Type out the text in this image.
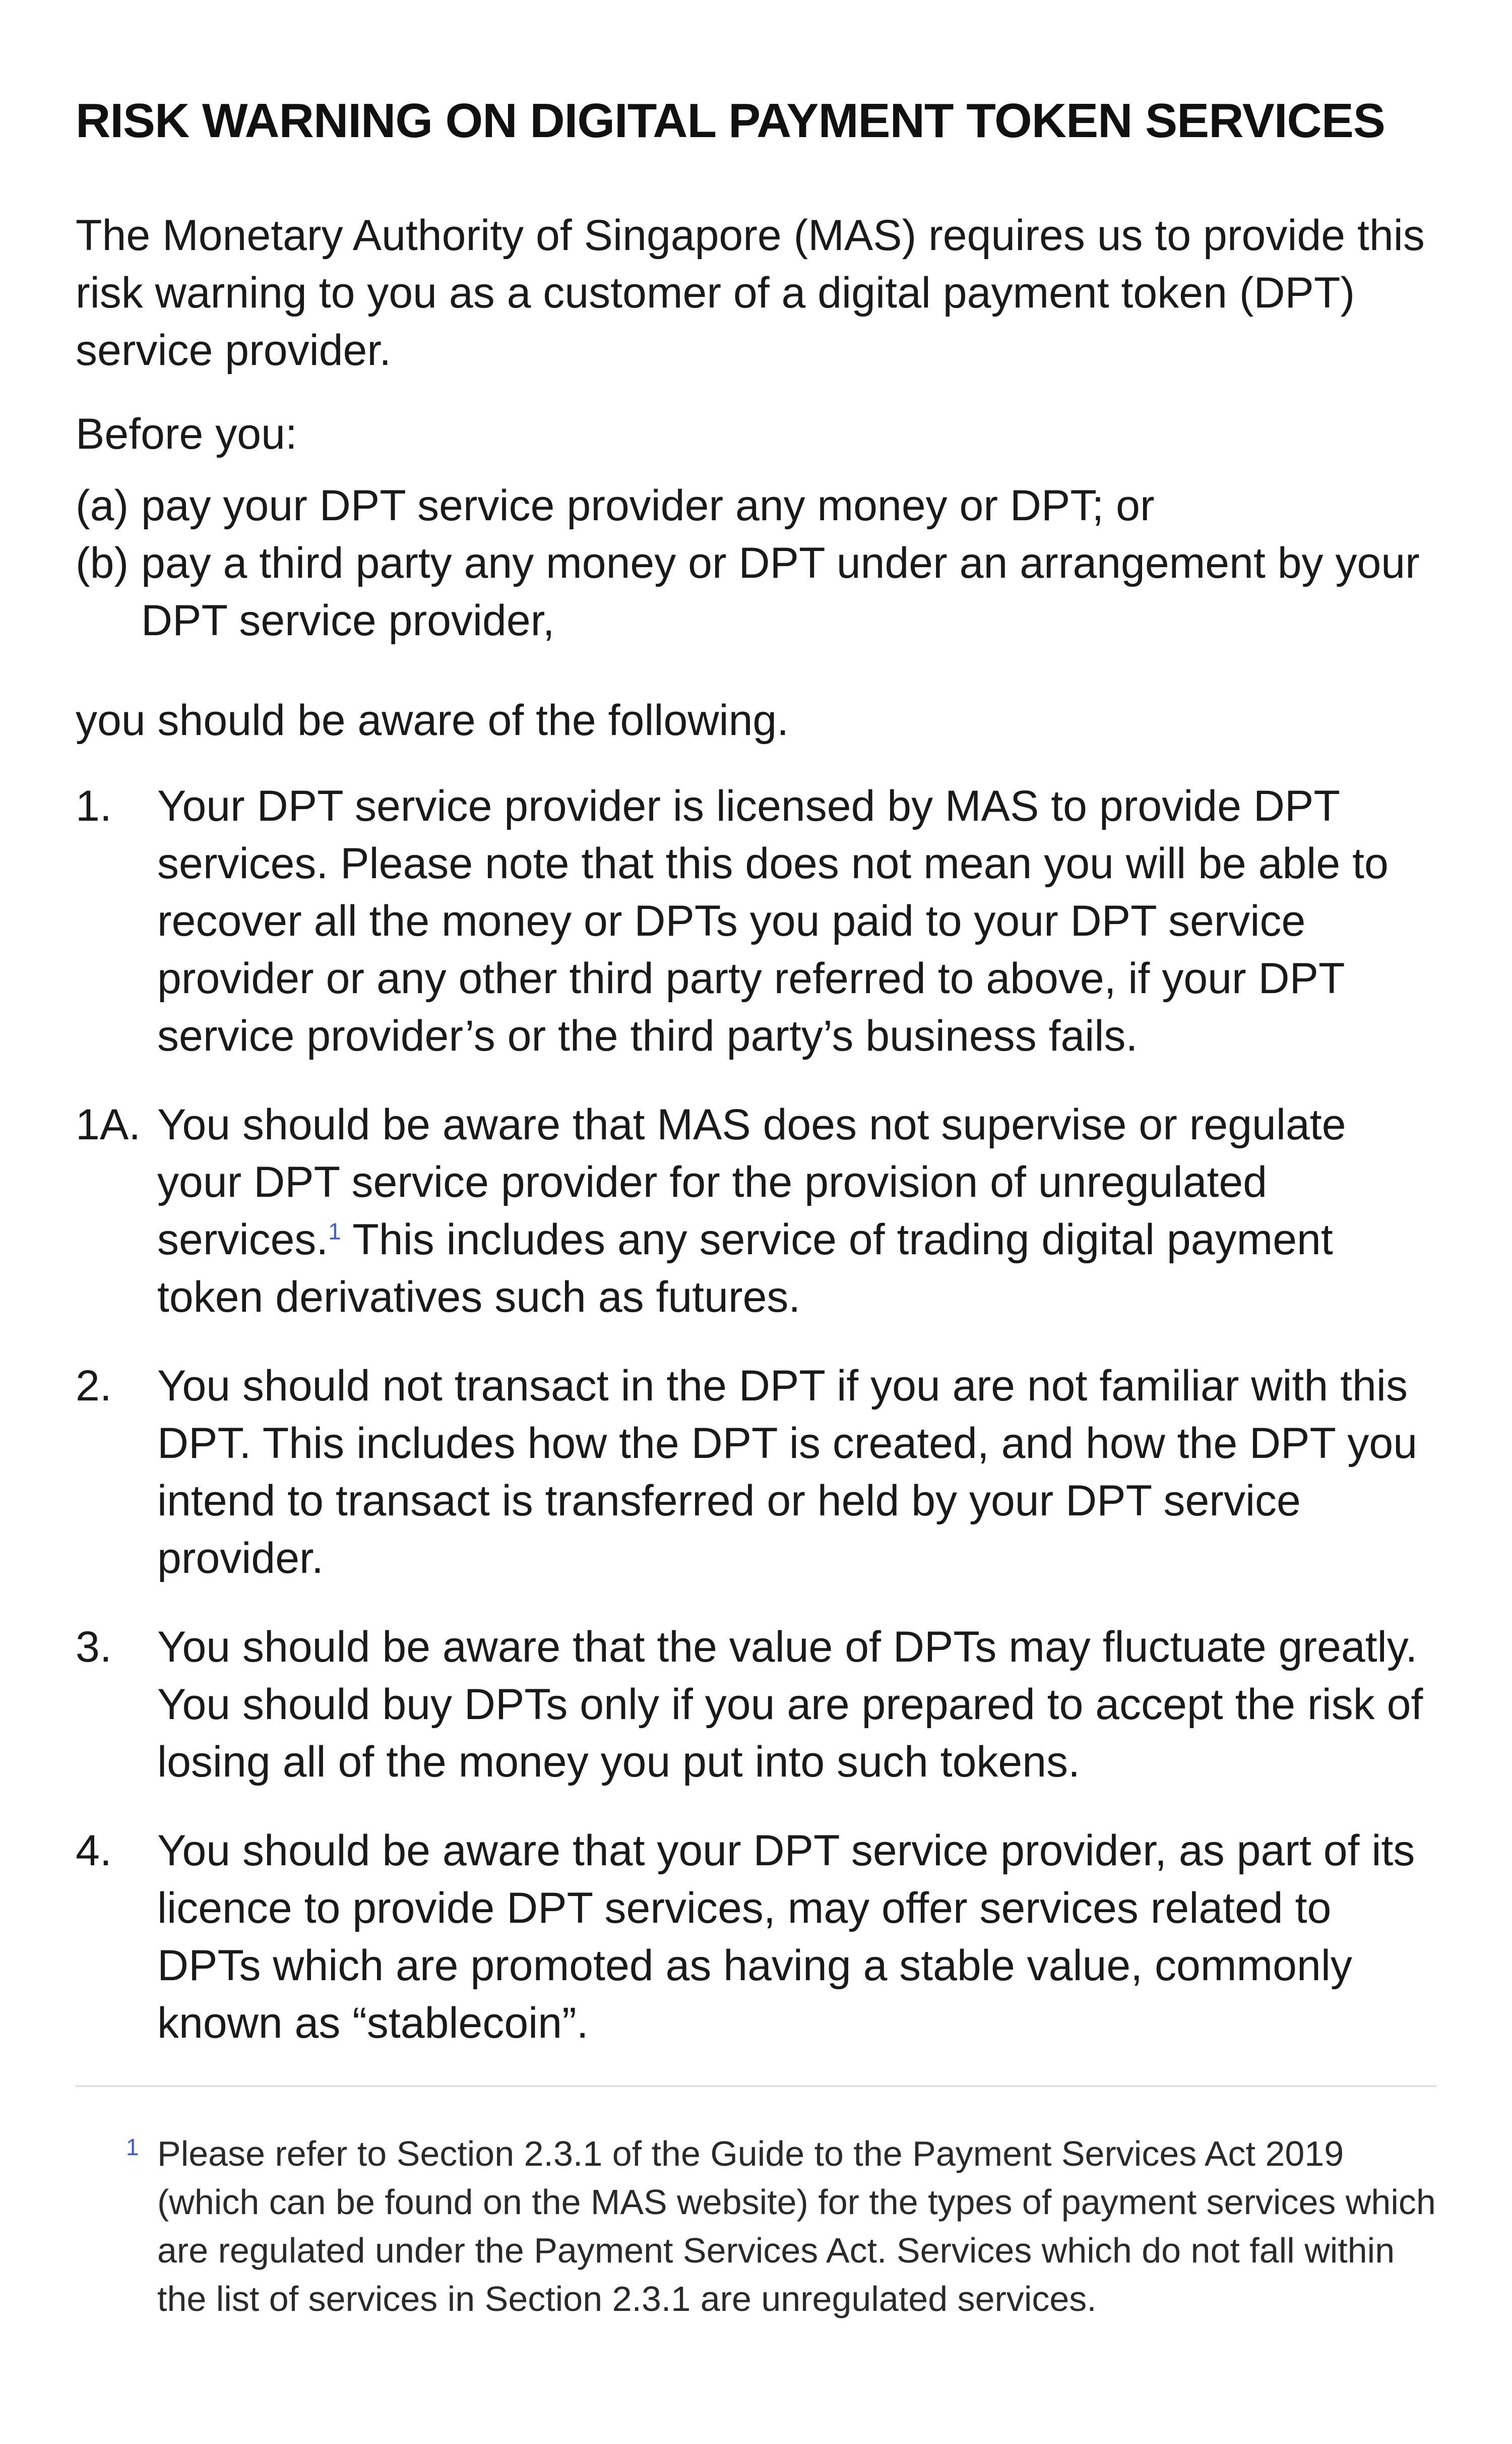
RISK WARNING ON DIGITAL PAYMENT TOKEN SERVICES

The Monetary Authority of Singapore (MAS) requires us to provide this risk warning to you as a customer of a digital payment token (DPT) service provider.

Before you:

(a) pay your DPT service provider any money or DPT; or
(b) pay a third party any money or DPT under an arrangement by your DPT service provider,

you should be aware of the following.

1.	Your DPT service provider is licensed by MAS to provide DPT services. Please note that this does not mean you will be able to recover all the money or DPTs you paid to your DPT service provider or any other third party referred to above, if your DPT service provider’s or the third party’s business fails.
1A. You should be aware that MAS does not supervise or regulate your DPT service provider for the provision of unregulated services.$^1$ This includes any service of trading digital payment token derivatives such as futures.
2.	You should not transact in the DPT if you are not familiar with this DPT. This includes how the DPT is created, and how the DPT you intend to transact is transferred or held by your DPT service provider.
3.	You should be aware that the value of DPTs may fluctuate greatly. You should buy DPTs only if you are prepared to accept the risk of losing all of the money you put into such tokens.
4.	You should be aware that your DPT service provider, as part of its licence to provide DPT services, may offer services related to DPTs which are promoted as having a stable value, commonly known as “stablecoin”.
1 Please refer to Section 2.3.1 of the Guide to the Payment Services Act 2019 (which can be found on the MAS website) for the types of payment services which are regulated under the Payment Services Act. Services which do not fall within the list of services in Section 2.3.1 are unregulated services.
